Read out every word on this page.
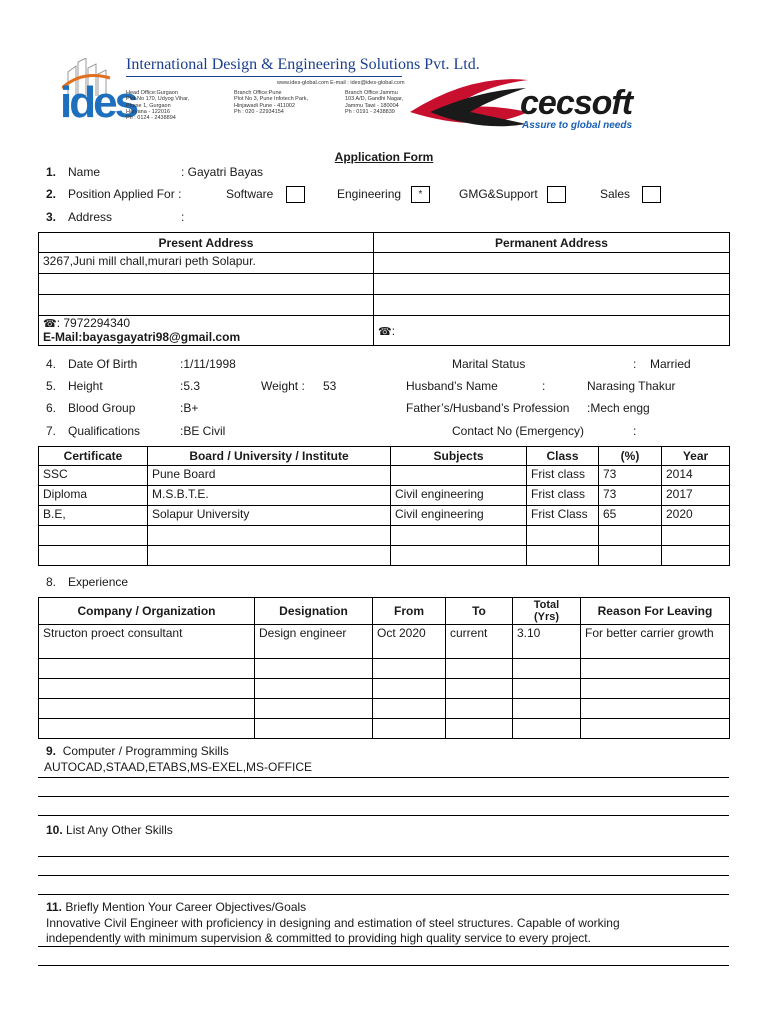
ides
International Design & Engineering Solutions Pvt. Ltd.
www.ides-global.com E-mail : ides@ides-global.com
Head Office:Gurgaon
Plot No 170, Udyog Vihar,
Phase 1, Gurgaon
Haryana - 122016
Ph : 0124 - 2438894
Branch Office:Pune
Plot No 3, Pune Infotech Park,
Hinjawadi Pune - 411002
Ph : 020 - 22934154
Branch Office:Jammu
103 A/D, Gandhi Nagar,
Jammu Tawi - 180004
Ph : 0191 - 2438839	cecsoft
Assure to global needs
Application Form
1. Name	: Gayatri Bayas
2. Position Applied For :	Software	Engineering	*	GMG&Support	Sales
3. Address	:
Present Address	Permanent Address
3267,Juni mill chall,murari peth Solapur.	

☎: 7972294340
E-Mail:bayasgayatri98@gmail.com	☎:
4. Date Of Birth	:1/11/1998	Marital Status	: Married
5. Height	:5.3	Weight : 53	Husband’s Name	:	Narasing Thakur
6. Blood Group	:B+	Father’s/Husband’s Profession :Mech engg
7. Qualifications	:BE Civil	Contact No (Emergency)	:
Certificate	Board / University / Institute	Subjects	Class	(%)	Year
SSC	Pune Board		Frist class	73	2014
Diploma	M.S.B.T.E.	Civil engineering	Frist class	73	2017
B.E,	Solapur University	Civil engineering	Frist Class	65	2020

8. Experience
Company / Organization	Designation	From	To	Total
(Yrs)	Reason For Leaving
Structon proect consultant	Design engineer	Oct 2020	current	3.10	For better carrier growth

9. Computer / Programming Skills
AUTOCAD,STAAD,ETABS,MS-EXEL,MS-OFFICE
10. List Any Other Skills
11. Briefly Mention Your Career Objectives/Goals
Innovative Civil Engineer with proficiency in designing and estimation of steel structures. Capable of working independently with minimum supervision & committed to providing high quality service to every project.
